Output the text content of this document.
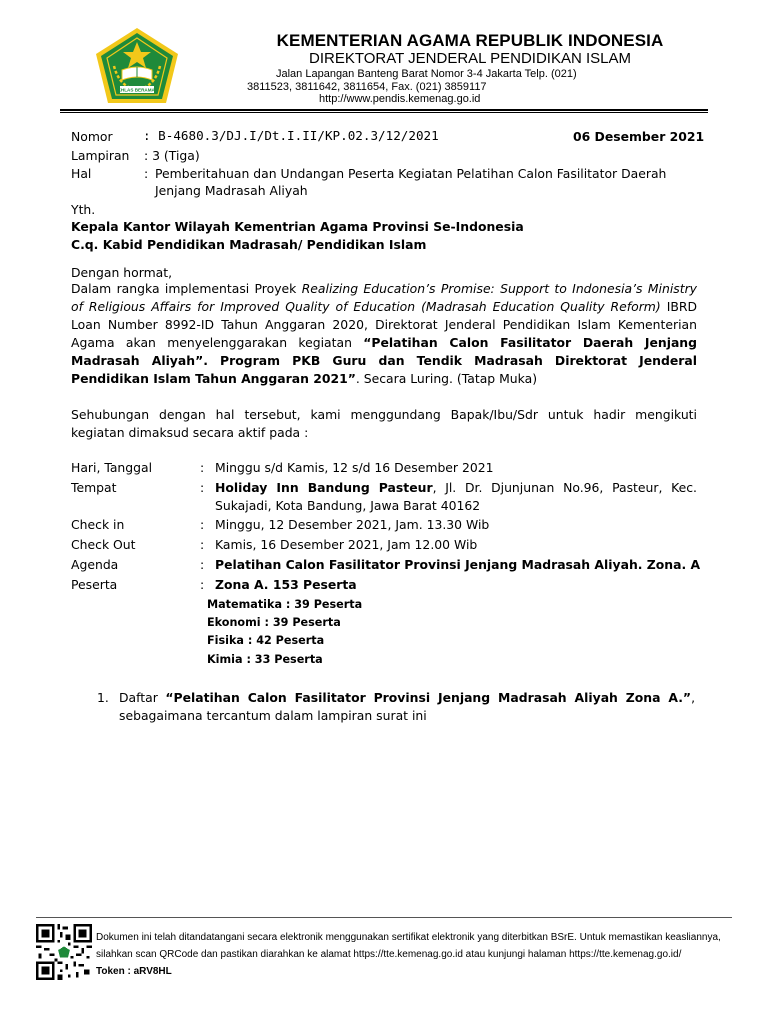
IKHLAS BERAMAL
KEMENTERIAN AGAMA REPUBLIK INDONESIA
DIREKTORAT JENDERAL PENDIDIKAN ISLAM
Jalan Lapangan Banteng Barat Nomor 3-4 Jakarta Telp. (021)
3811523, 3811642, 3811654, Fax. (021) 3859117
http://www.pendis.kemenag.go.id
Nomor : B-4680.3/DJ.I/Dt.I.II/KP.02.3/12/2021	06 Desember 2021
Lampiran : 3 (Tiga)
Hal	: Pemberitahuan dan Undangan Peserta Kegiatan Pelatihan Calon Fasilitator Daerah
Jenjang Madrasah Aliyah
Yth.
Kepala Kantor Wilayah Kementrian Agama Provinsi Se-Indonesia
C.q. Kabid Pendidikan Madrasah/ Pendidikan Islam
Dengan hormat,
Dalam rangka implementasi Proyek Realizing Education’s Promise: Support to Indonesia’s Ministry of Religious Affairs for Improved Quality of Education (Madrasah Education Quality Reform) IBRD Loan Number 8992-ID Tahun Anggaran 2020, Direktorat Jenderal Pendidikan Islam Kementerian Agama akan menyelenggarakan kegiatan “Pelatihan Calon Fasilitator Daerah Jenjang Madrasah Aliyah”. Program PKB Guru dan Tendik Madrasah Direktorat Jenderal Pendidikan Islam Tahun Anggaran 2021”. Secara Luring. (Tatap Muka)
Sehubungan dengan hal tersebut, kami menggundang Bapak/Ibu/Sdr untuk hadir mengikuti kegiatan dimaksud secara aktif pada :
Hari, Tanggal	: Minggu s/d Kamis, 12 s/d 16 Desember 2021
Tempat	: Holiday Inn Bandung Pasteur, Jl. Dr. Djunjunan No.96, Pasteur, Kec. Sukajadi, Kota Bandung, Jawa Barat 40162
Check in	: Minggu, 12 Desember 2021, Jam. 13.30 Wib
Check Out	: Kamis, 16 Desember 2021, Jam 12.00 Wib
Agenda	: Pelatihan Calon Fasilitator Provinsi Jenjang Madrasah Aliyah. Zona. A
Peserta	: Zona A. 153 Peserta
Matematika : 39 Peserta
Ekonomi : 39 Peserta
Fisika : 42 Peserta
Kimia : 33 Peserta
1. Daftar “Pelatihan Calon Fasilitator Provinsi Jenjang Madrasah Aliyah Zona A.”, sebagaimana tercantum dalam lampiran surat ini
Dokumen ini telah ditandatangani secara elektronik menggunakan sertifikat elektronik yang diterbitkan BSrE. Untuk memastikan keasliannya,
silahkan scan QRCode dan pastikan diarahkan ke alamat https://tte.kemenag.go.id atau kunjungi halaman https://tte.kemenag.go.id/
Token : aRV8HL
